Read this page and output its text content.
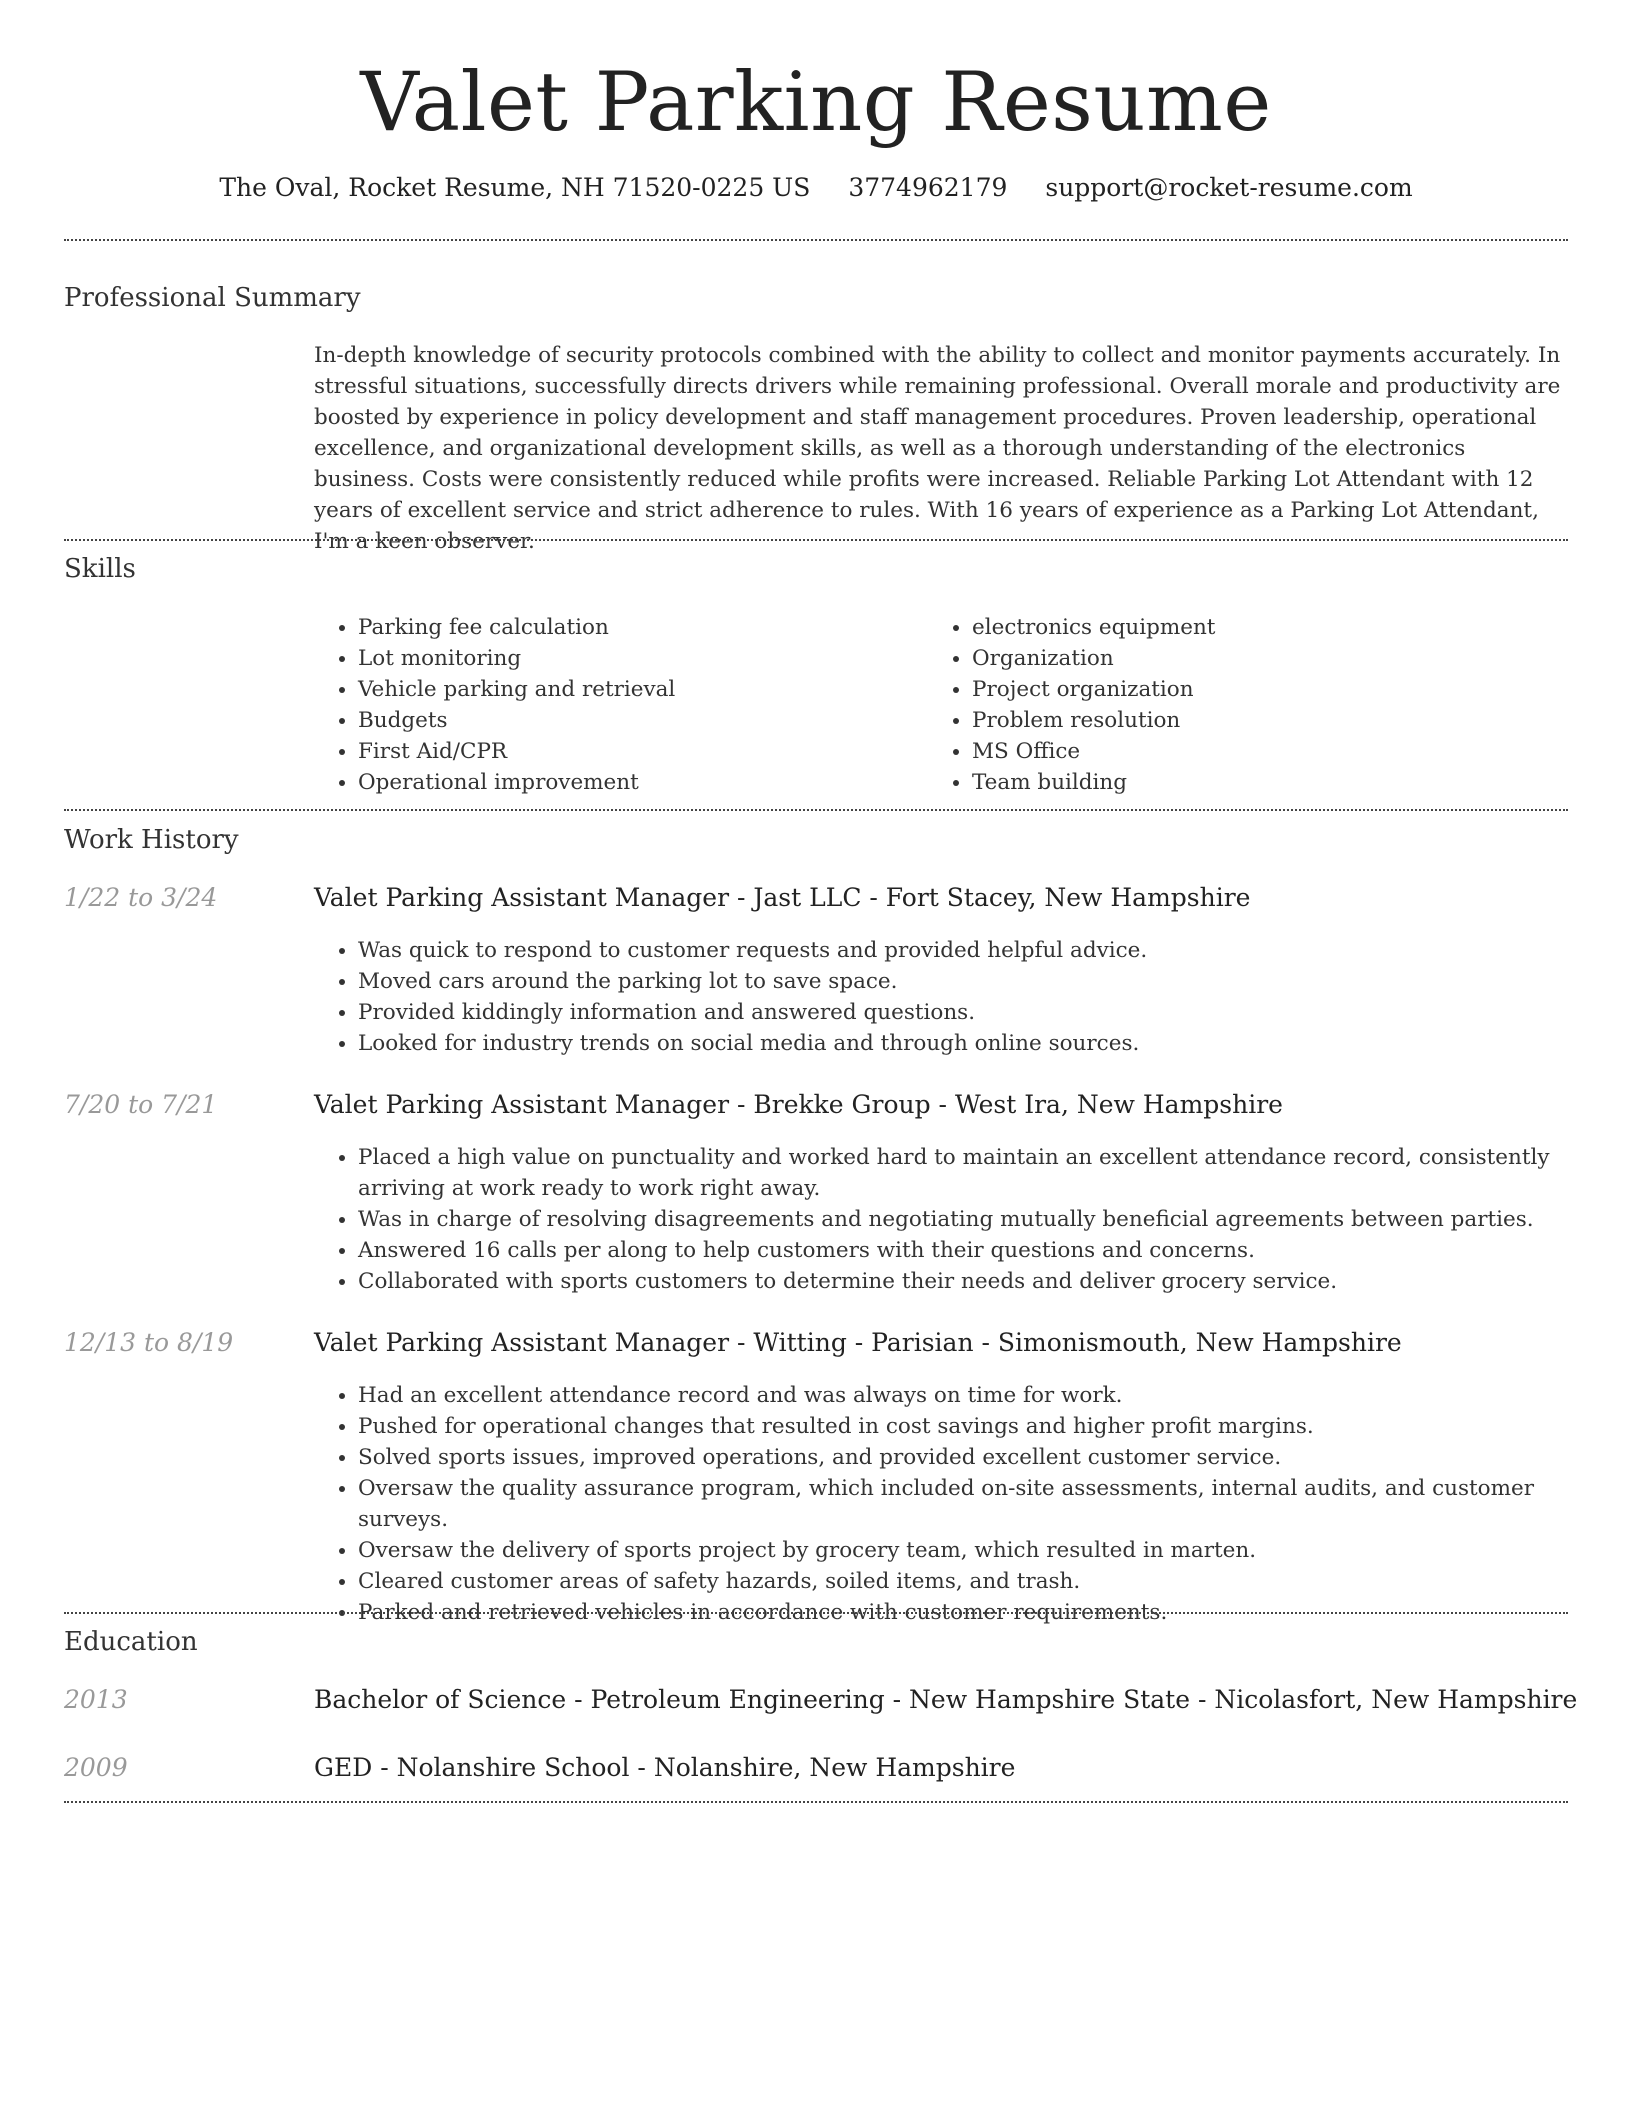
Valet Parking Resume
The Oval, Rocket Resume, NH 71520-0225 US 3774962179 support@rocket-resume.com
Professional Summary

In-depth knowledge of security protocols combined with the ability to collect and monitor payments accurately. In stressful situations, successfully directs drivers while remaining professional. Overall morale and productivity are boosted by experience in policy development and staff management procedures. Proven leadership, operational excellence, and organizational development skills, as well as a thorough understanding of the electronics business. Costs were consistently reduced while profits were increased. Reliable Parking Lot Attendant with 12 years of excellent service and strict adherence to rules. With 16 years of experience as a Parking Lot Attendant, I'm a keen observer.

Skills
• Parking fee calculation
• Lot monitoring
• Vehicle parking and retrieval
• Budgets
• First Aid/CPR
• Operational improvement
• electronics equipment
• Organization
• Project organization
• Problem resolution
• MS Office
• Team building
Work History
1/22 to 3/24	Valet Parking Assistant Manager - Jast LLC - Fort Stacey, New Hampshire
• Was quick to respond to customer requests and provided helpful advice.
• Moved cars around the parking lot to save space.
• Provided kiddingly information and answered questions.
• Looked for industry trends on social media and through online sources.
7/20 to 7/21	Valet Parking Assistant Manager - Brekke Group - West Ira, New Hampshire
• Placed a high value on punctuality and worked hard to maintain an excellent attendance record, consistently arriving at work ready to work right away.
• Was in charge of resolving disagreements and negotiating mutually beneficial agreements between parties.
• Answered 16 calls per along to help customers with their questions and concerns.
• Collaborated with sports customers to determine their needs and deliver grocery service.
12/13 to 8/19	Valet Parking Assistant Manager - Witting - Parisian - Simonismouth, New Hampshire
• Had an excellent attendance record and was always on time for work.
• Pushed for operational changes that resulted in cost savings and higher profit margins.
• Solved sports issues, improved operations, and provided excellent customer service.
• Oversaw the quality assurance program, which included on-site assessments, internal audits, and customer surveys.
• Oversaw the delivery of sports project by grocery team, which resulted in marten.
• Cleared customer areas of safety hazards, soiled items, and trash.
• Parked and retrieved vehicles in accordance with customer requirements.
Education
2013	Bachelor of Science - Petroleum Engineering - New Hampshire State - Nicolasfort, New Hampshire
2009	GED - Nolanshire School - Nolanshire, New Hampshire
